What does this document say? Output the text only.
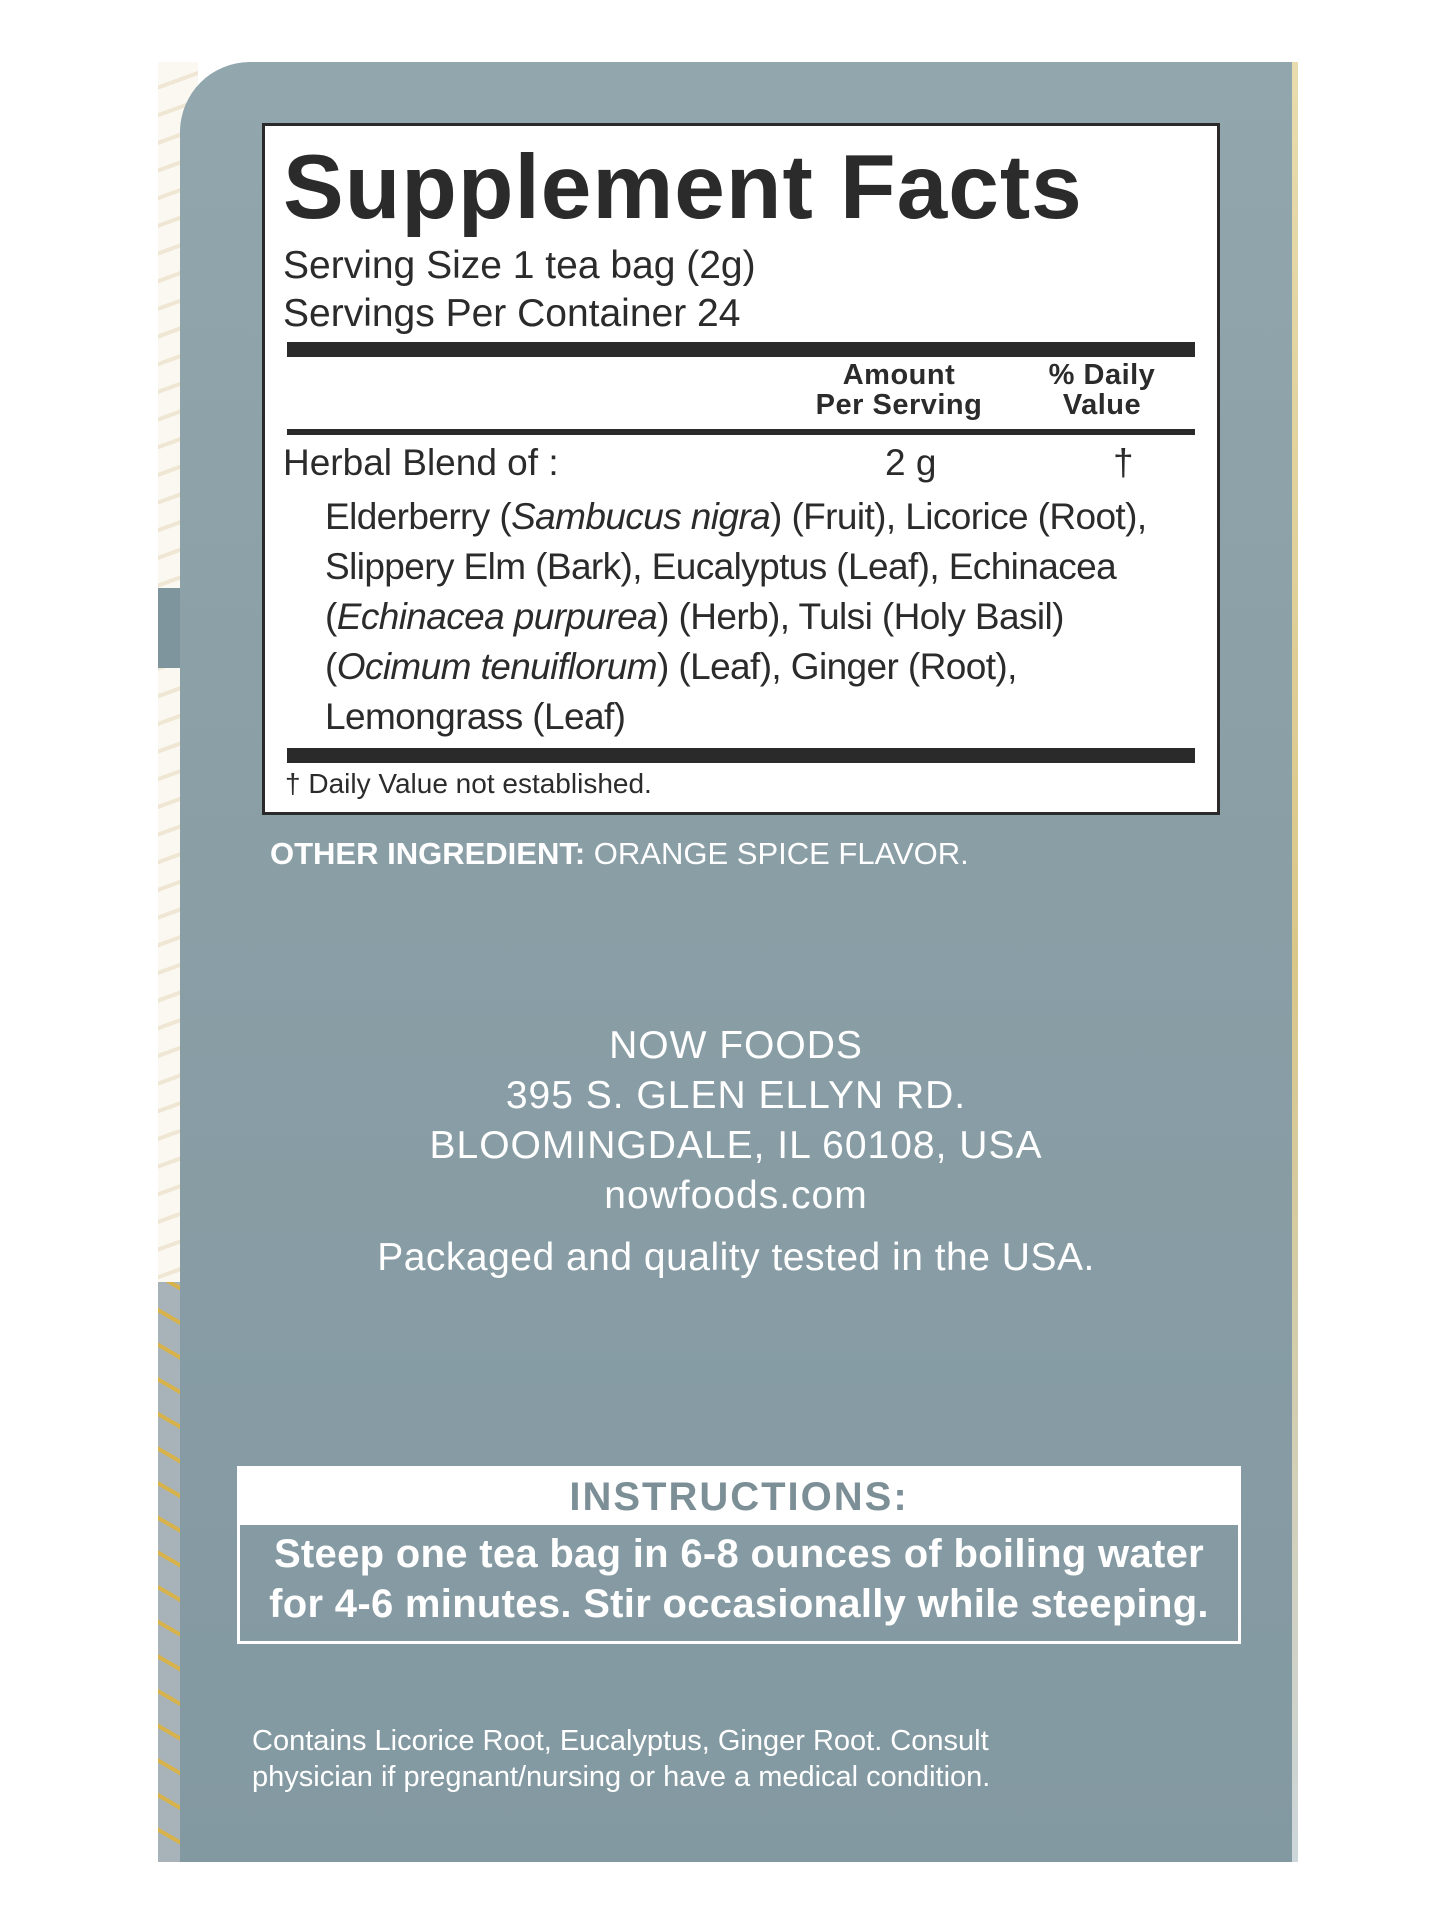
Supplement Facts
Serving Size 1 tea bag (2g)
Servings Per Container 24
Amount
Per Serving
% Daily
Value
Herbal Blend of :	2 g	†
Elderberry (Sambucus nigra) (Fruit), Licorice (Root),
Slippery Elm (Bark), Eucalyptus (Leaf), Echinacea
(Echinacea purpurea) (Herb), Tulsi (Holy Basil)
(Ocimum tenuiflorum) (Leaf), Ginger (Root),
Lemongrass (Leaf)
† Daily Value not established.
OTHER INGREDIENT: ORANGE SPICE FLAVOR.
NOW FOODS
395 S. GLEN ELLYN RD.
BLOOMINGDALE, IL 60108, USA
nowfoods.com
Packaged and quality tested in the USA.
INSTRUCTIONS:
Steep one tea bag in 6-8 ounces of boiling water
for 4-6 minutes. Stir occasionally while steeping.
Contains Licorice Root, Eucalyptus, Ginger Root. Consult
physician if pregnant/nursing or have a medical condition.
